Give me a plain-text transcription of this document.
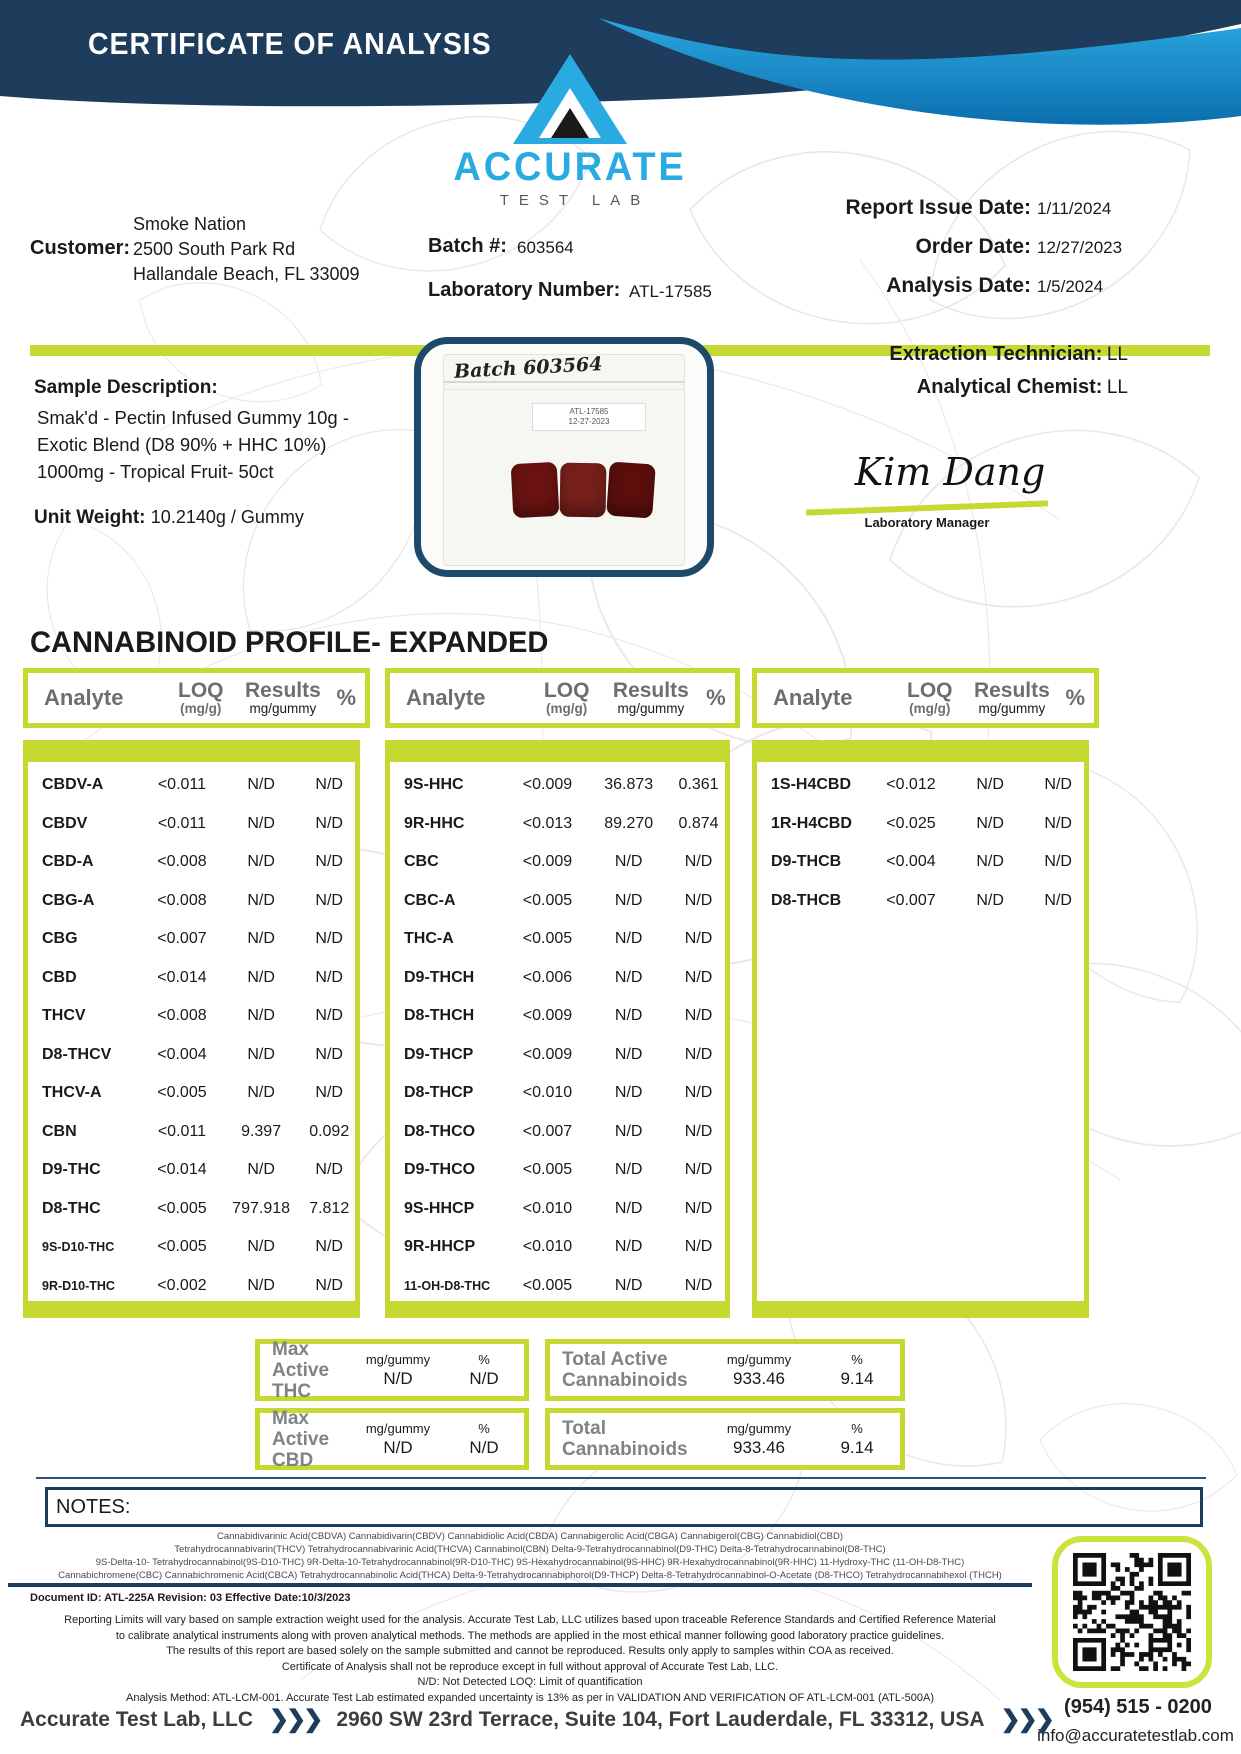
CERTIFICATE OF ANALYSIS
ACCURATE
TEST LAB	Report Issue Date: 1/11/2024
Order Date: 12/27/2023
Analysis Date: 1/5/2024
Customer:
Smoke Nation
2500 South Park Rd
Hallandale Beach, FL 33009
Batch #: 603564
Laboratory Number: ATL-17585
Sample Description:
Smak'd - Pectin Infused Gummy 10g -
Exotic Blend (D8 90% + HHC 10%)
1000mg - Tropical Fruit- 50ct
Unit Weight: 10.2140g / Gummy
Batch 603564
ATL-17585
12-27-2023
Extraction Technician: LL
Analytical Chemist: LL
Kim Dang
Laboratory Manager
CANNABINOID PROFILE- EXPANDED
Analyte	LOQ
(mg/g)
Results
mg/gummy %	Analyte	LOQ
(mg/g)
Results
mg/gummy %	Analyte	LOQ
(mg/g)
Results
mg/gummy %
CBDV-A	<0.011	N/D	N/D
CBDV	<0.011	N/D	N/D
CBD-A	<0.008	N/D	N/D
CBG-A	<0.008	N/D	N/D
CBG	<0.007	N/D	N/D
CBD	<0.014	N/D	N/D
THCV	<0.008	N/D	N/D
D8-THCV	<0.004	N/D	N/D
THCV-A	<0.005	N/D	N/D
CBN	<0.011	9.397	0.092
D9-THC	<0.014	N/D	N/D
D8-THC	<0.005	797.918	7.812
9S-D10-THC	<0.005	N/D	N/D
9R-D10-THC	<0.002	N/D	N/D
9S-HHC	<0.009	36.873	0.361
9R-HHC	<0.013	89.270	0.874
CBC	<0.009	N/D	N/D
CBC-A	<0.005	N/D	N/D
THC-A	<0.005	N/D	N/D
D9-THCH	<0.006	N/D	N/D
D8-THCH	<0.009	N/D	N/D
D9-THCP	<0.009	N/D	N/D
D8-THCP	<0.010	N/D	N/D
D8-THCO	<0.007	N/D	N/D
D9-THCO	<0.005	N/D	N/D
9S-HHCP	<0.010	N/D	N/D
9R-HHCP	<0.010	N/D	N/D
11-OH-D8-THC	<0.005	N/D	N/D
1S-H4CBD	<0.012	N/D	N/D
1R-H4CBD	<0.025	N/D	N/D
D9-THCB	<0.004	N/D	N/D
D8-THCB	<0.007	N/D	N/D
Max Active THC
mg/gummy
N/D
%
N/D
Max Active CBD
mg/gummy
N/D
%
N/D
Total Active
Cannabinoids
mg/gummy
933.46
%
9.14
Total
Cannabinoids
mg/gummy
933.46
%
9.14
NOTES:
Cannabidivarinic Acid(CBDVA) Cannabidivarin(CBDV) Cannabidiolic Acid(CBDA) Cannabigerolic Acid(CBGA) Cannabigerol(CBG) Cannabidiol(CBD)
Tetrahydrocannabivarin(THCV) Tetrahydrocannabivarinic Acid(THCVA) Cannabinol(CBN) Delta-9-Tetrahydrocannabinol(D9-THC) Delta-8-Tetrahydrocannabinol(D8-THC)
9S-Delta-10- Tetrahydrocannabinol(9S-D10-THC) 9R-Delta-10-Tetrahydrocannabinol(9R-D10-THC) 9S-Hexahydrocannabinol(9S-HHC) 9R-Hexahydrocannabinol(9R-HHC) 11-Hydroxy-THC (11-OH-D8-THC)
Cannabichromene(CBC) Cannabichromenic Acid(CBCA) Tetrahydrocannabinolic Acid(THCA) Delta-9-Tetrahydrocannabiphorol(D9-THCP) Delta-8-Tetrahydrocannabinol-O-Acetate (D8-THCO) Tetrahydrocannabihexol (THCH)
Document ID: ATL-225A Revision: 03 Effective Date:10/3/2023
Reporting Limits will vary based on sample extraction weight used for the analysis. Accurate Test Lab, LLC utilizes based upon traceable Reference Standards and Certified Reference Material
to calibrate analytical instruments along with proven analytical methods. The methods are applied in the most ethical manner following good laboratory practice guidelines.
The results of this report are based solely on the sample submitted and cannot be reproduced. Results only apply to samples within COA as received.
Certificate of Analysis shall not be reproduce except in full without approval of Accurate Test Lab, LLC.
N/D: Not Detected LOQ: Limit of quantification
Analysis Method: ATL-LCM-001. Accurate Test Lab estimated expanded uncertainty is 13% as per in VALIDATION AND VERIFICATION OF ATL-LCM-001 (ATL-500A)	(954) 515 - 0200
info@accuratetestlab.com
Accurate Test Lab, LLC ❯❯❯ 2960 SW 23rd Terrace, Suite 104, Fort Lauderdale, FL 33312, USA ❯❯❯
